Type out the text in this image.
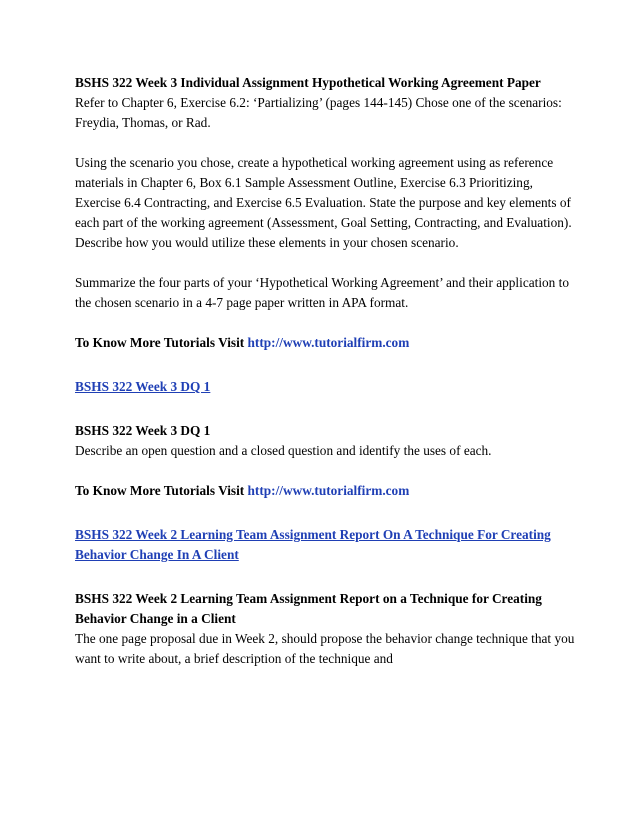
BSHS 322 Week 3 Individual Assignment Hypothetical Working Agreement Paper

Refer to Chapter 6, Exercise 6.2: ‘Partializing’ (pages 144-145) Chose one of the scenarios: Freydia, Thomas, or Rad.

Using the scenario you chose, create a hypothetical working agreement using as reference materials in Chapter 6, Box 6.1 Sample Assessment Outline, Exercise 6.3 Prioritizing, Exercise 6.4 Contracting, and Exercise 6.5 Evaluation. State the purpose and key elements of each part of the working agreement (Assessment, Goal Setting, Contracting, and Evaluation). Describe how you would utilize these elements in your chosen scenario.

Summarize the four parts of your ‘Hypothetical Working Agreement’ and their application to the chosen scenario in a 4-7 page paper written in APA format.

To Know More Tutorials Visit http://www.tutorialfirm.com

BSHS 322 Week 3 DQ 1

BSHS 322 Week 3 DQ 1

Describe an open question and a closed question and identify the uses of each.

To Know More Tutorials Visit http://www.tutorialfirm.com

BSHS 322 Week 2 Learning Team Assignment Report On A Technique For Creating Behavior Change In A Client

BSHS 322 Week 2 Learning Team Assignment Report on a Technique for Creating Behavior Change in a Client

The one page proposal due in Week 2, should propose the behavior change technique that you want to write about, a brief description of the technique and
